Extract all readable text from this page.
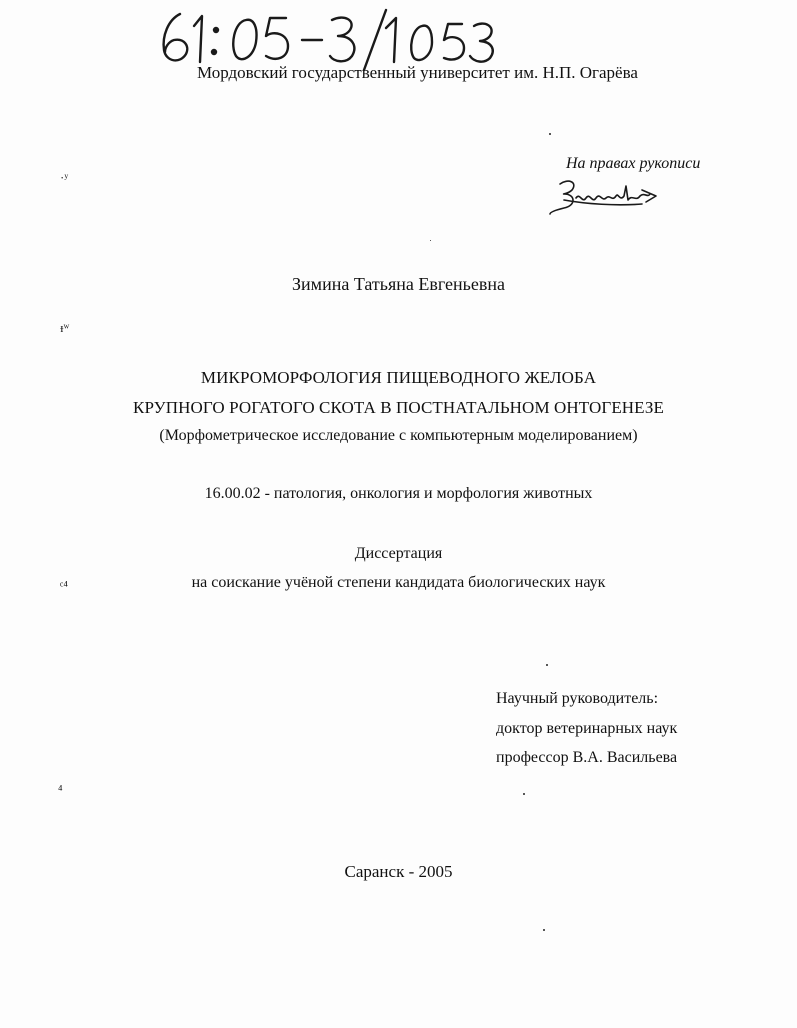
Мордовский государственный университет им. Н.П. Огарёва
На правах рукописи
Зимина Татьяна Евгеньевна
МИКРОМОРФОЛОГИЯ ПИЩЕВОДНОГО ЖЕЛОБА
КРУПНОГО РОГАТОГО СКОТА В ПОСТНАТАЛЬНОМ ОНТОГЕНЕЗЕ
(Морфометрическое исследование с компьютерным моделированием)
16.00.02 - патология, онкология и морфология животных
Диссертация
на соискание учёной степени кандидата биологических наук
Научный руководитель:
доктор ветеринарных наук
профессор В.А. Васильева
Саранск - 2005
·ʸ
ᵻʷ
ᶜ⁴
⁴
